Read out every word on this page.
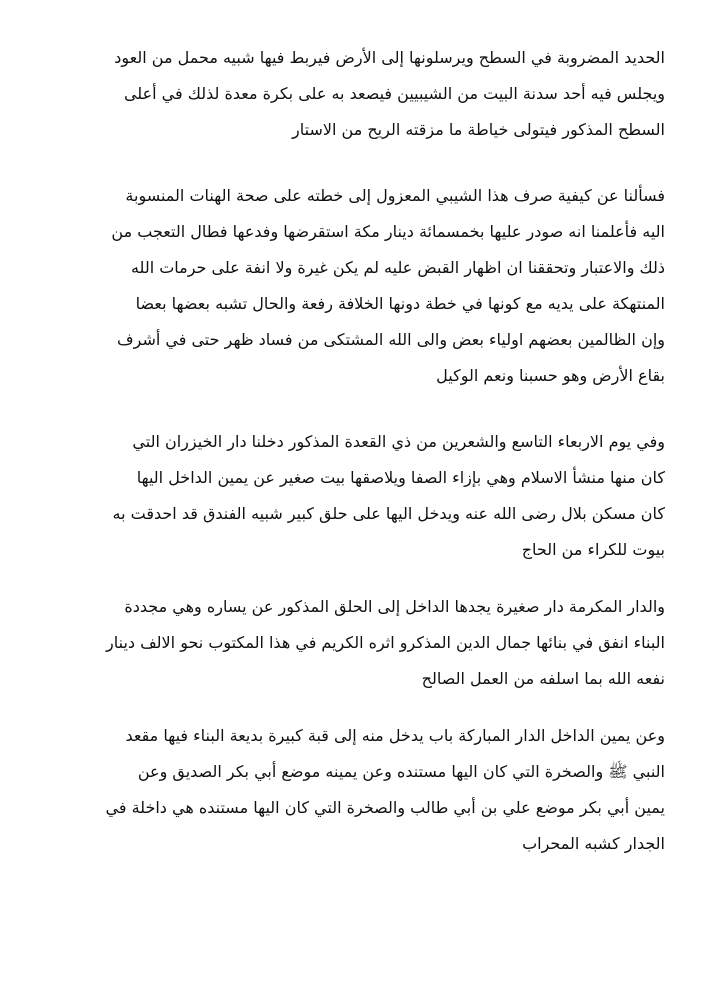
الحديد المضروبة في السطح ويرسلونها إلى الأرض فيربط فيها شبيه محمل من العود
ويجلس فيه أحد سدنة البيت من الشيبيين فيصعد به على بكرة معدة لذلك في أعلى
السطح المذكور فيتولى خياطة ما مزقته الريح من الاستار
فسألنا عن كيفية صرف هذا الشيبي المعزول إلى خطته على صحة الهنات المنسوبة
اليه فأعلمنا انه صودر عليها بخمسمائة دينار مكة استقرضها وفدعها فطال التعجب من
ذلك والاعتبار وتحققنا ان اظهار القبض عليه لم يكن غيرة ولا انفة على حرمات الله
المنتهكة على يديه مع كونها في خطة دونها الخلافة رفعة والحال تشبه بعضها بعضا
وإن الظالمين بعضهم اولياء بعض والى الله المشتكى من فساد ظهر حتى في أشرف
بقاع الأرض وهو حسبنا ونعم الوكيل
وفي يوم الاربعاء التاسع والشعرين من ذي القعدة المذكور دخلنا دار الخيزران التي
كان منها منشأ الاسلام وهي بإزاء الصفا ويلاصقها بيت صغير عن يمين الداخل اليها
كان مسكن بلال رضى الله عنه ويدخل اليها على حلق كبير شبيه الفندق قد احدقت به
بيوت للكراء من الحاج
والدار المكرمة دار صغيرة يجدها الداخل إلى الحلق المذكور عن يساره وهي مجددة
البناء انفق في بنائها جمال الدين المذكرو اثره الكريم في هذا المكتوب نحو الالف دينار
نفعه الله بما اسلفه من العمل الصالح
وعن يمين الداخل الدار المباركة باب يدخل منه إلى قبة كبيرة بديعة البناء فيها مقعد
النبي ﷺ والصخرة التي كان اليها مستنده وعن يمينه موضع أبي بكر الصديق وعن
يمين أبي بكر موضع علي بن أبي طالب والصخرة التي كان اليها مستنده هي داخلة في
الجدار كشبه المحراب
